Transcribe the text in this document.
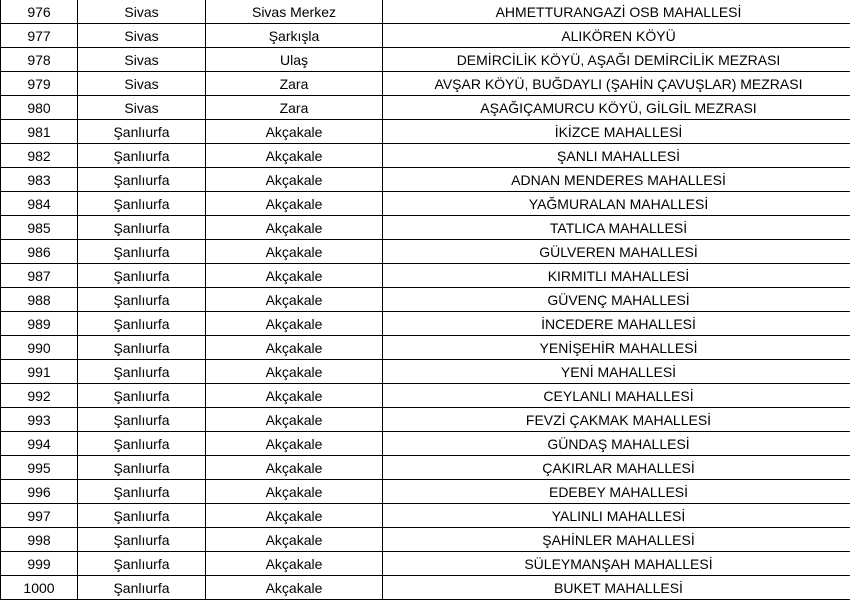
976	Sivas	Sivas Merkez	AHMETTURANGAZİ OSB MAHALLESİ
977	Sivas	Şarkışla	ALIKÖREN KÖYÜ
978	Sivas	Ulaş	DEMİRCİLİK KÖYÜ, AŞAĞI DEMİRCİLİK MEZRASI
979	Sivas	Zara	AVŞAR KÖYÜ, BUĞDAYLI (ŞAHİN ÇAVUŞLAR) MEZRASI
980	Sivas	Zara	AŞAĞIÇAMURCU KÖYÜ, GİLGİL MEZRASI
981	Şanlıurfa	Akçakale	İKİZCE MAHALLESİ
982	Şanlıurfa	Akçakale	ŞANLI MAHALLESİ
983	Şanlıurfa	Akçakale	ADNAN MENDERES MAHALLESİ
984	Şanlıurfa	Akçakale	YAĞMURALAN MAHALLESİ
985	Şanlıurfa	Akçakale	TATLICA MAHALLESİ
986	Şanlıurfa	Akçakale	GÜLVEREN MAHALLESİ
987	Şanlıurfa	Akçakale	KIRMITLI MAHALLESİ
988	Şanlıurfa	Akçakale	GÜVENÇ MAHALLESİ
989	Şanlıurfa	Akçakale	İNCEDERE MAHALLESİ
990	Şanlıurfa	Akçakale	YENİŞEHİR MAHALLESİ
991	Şanlıurfa	Akçakale	YENİ MAHALLESİ
992	Şanlıurfa	Akçakale	CEYLANLI MAHALLESİ
993	Şanlıurfa	Akçakale	FEVZİ ÇAKMAK MAHALLESİ
994	Şanlıurfa	Akçakale	GÜNDAŞ MAHALLESİ
995	Şanlıurfa	Akçakale	ÇAKIRLAR MAHALLESİ
996	Şanlıurfa	Akçakale	EDEBEY MAHALLESİ
997	Şanlıurfa	Akçakale	YALINLI MAHALLESİ
998	Şanlıurfa	Akçakale	ŞAHİNLER MAHALLESİ
999	Şanlıurfa	Akçakale	SÜLEYMANŞAH MAHALLESİ
1000	Şanlıurfa	Akçakale	BUKET MAHALLESİ
